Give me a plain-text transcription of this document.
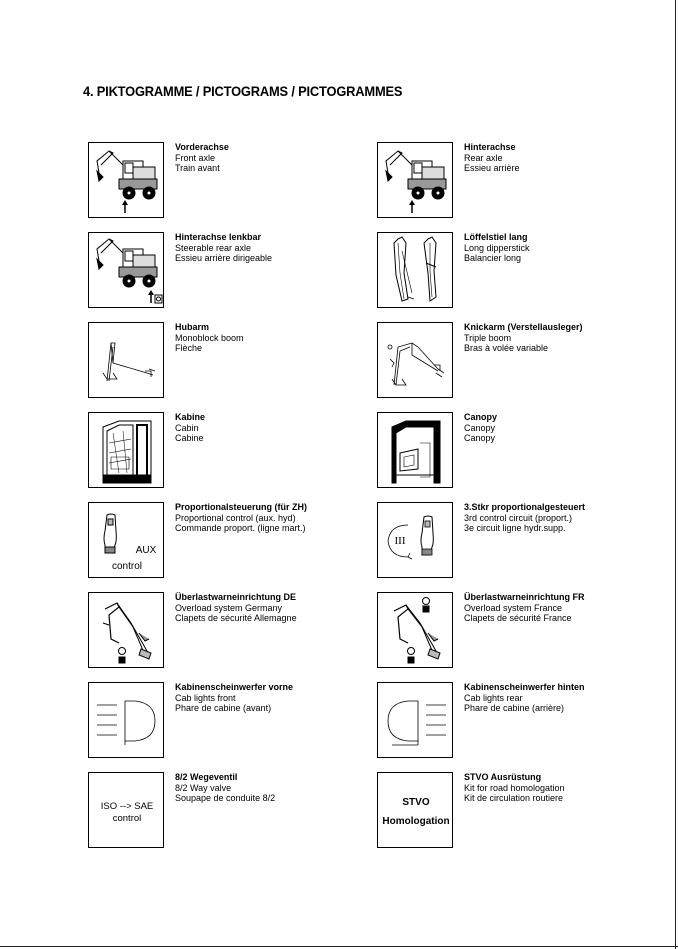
4. PIKTOGRAMME / PICTOGRAMS / PICTOGRAMMES
Vorderachse
Front axle
Train avant
Hinterachse lenkbar
Steerable rear axle
Essieu arrière dirigeable
Hubarm
Monoblock boom
Flèche
Kabine
Cabin
Cabine
AUX
control
Proportionalsteuerung (für ZH)
Proportional control (aux. hyd)
Commande proport. (ligne mart.)
Überlastwarneinrichtung DE
Overload system Germany
Clapets de sécurité Allemagne
Kabinenscheinwerfer vorne
Cab lights front
Phare de cabine (avant)
ISO --> SAE
control
8/2 Wegeventil
8/2 Way valve
Soupape de conduite 8/2
Hinterachse
Rear axle
Essieu arrière
Löffelstiel lang
Long dipperstick
Balancier long
Knickarm (Verstellausleger)
Triple boom
Bras à volée variable
Canopy
Canopy
Canopy
III
3.Stkr proportionalgesteuert
3rd control circuit (proport.)
3e circuit ligne hydr.supp.
Überlastwarneinrichtung FR
Overload system France
Clapets de sécurité France
Kabinenscheinwerfer hinten
Cab lights rear
Phare de cabine (arrière)
STVO
Homologation
STVO Ausrüstung
Kit for road homologation
Kit de circulation routiere
